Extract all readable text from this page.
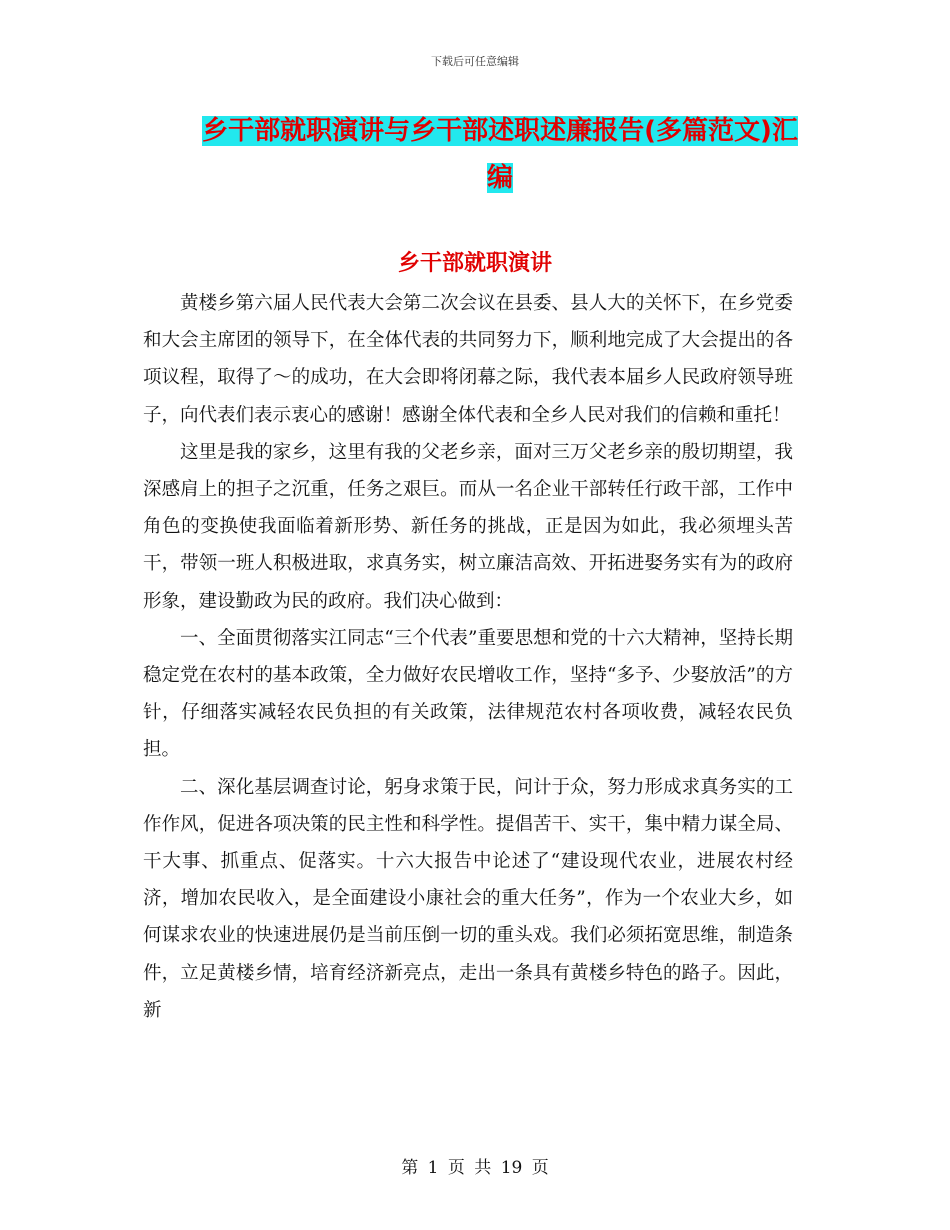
下载后可任意编辑
乡干部就职演讲与乡干部述职述廉报告(多篇范文)汇编
乡干部就职演讲

黄楼乡第六届人民代表大会第二次会议在县委、县人大的关怀下，在乡党委和大会主席团的领导下，在全体代表的共同努力下，顺利地完成了大会提出的各项议程，取得了～的成功，在大会即将闭幕之际，我代表本届乡人民政府领导班子，向代表们表示衷心的感谢！感谢全体代表和全乡人民对我们的信赖和重托！

这里是我的家乡，这里有我的父老乡亲，面对三万父老乡亲的殷切期望，我深感肩上的担子之沉重，任务之艰巨。而从一名企业干部转任行政干部，工作中角色的变换使我面临着新形势、新任务的挑战，正是因为如此，我必须埋头苦干，带领一班人积极进取，求真务实，树立廉洁高效、开拓进娶务实有为的政府形象，建设勤政为民的政府。我们决心做到：

一、全面贯彻落实江同志“三个代表”重要思想和党的十六大精神，坚持长期稳定党在农村的基本政策，全力做好农民增收工作，坚持“多予、少娶放活”的方针，仔细落实减轻农民负担的有关政策，法律规范农村各项收费，减轻农民负担。

二、深化基层调查讨论，躬身求策于民，问计于众，努力形成求真务实的工作作风，促进各项决策的民主性和科学性。提倡苦干、实干，集中精力谋全局、干大事、抓重点、促落实。十六大报告中论述了“建设现代农业，进展农村经济，增加农民收入，是全面建设小康社会的重大任务”，作为一个农业大乡，如何谋求农业的快速进展仍是当前压倒一切的重头戏。我们必须拓宽思维，制造条件，立足黄楼乡情，培育经济新亮点，走出一条具有黄楼乡特色的路子。因此，新

第 1 页 共 19 页
